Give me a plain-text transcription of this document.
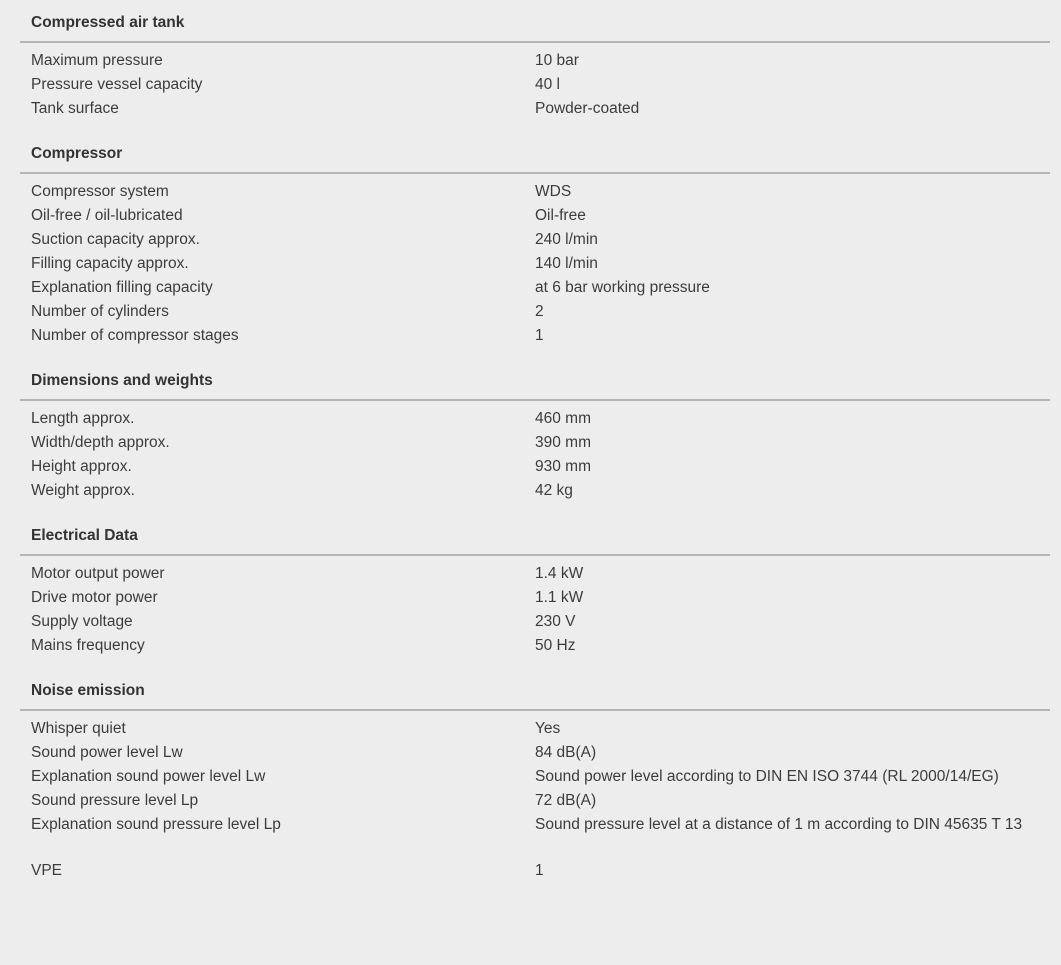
Compressed air tank
Maximum pressure	10 bar
Pressure vessel capacity	40 l
Tank surface	Powder-coated
Compressor
Compressor system	WDS
Oil-free / oil-lubricated	Oil-free
Suction capacity approx.	240 l/min
Filling capacity approx.	140 l/min
Explanation filling capacity	at 6 bar working pressure
Number of cylinders	2
Number of compressor stages	1
Dimensions and weights
Length approx.	460 mm
Width/depth approx.	390 mm
Height approx.	930 mm
Weight approx.	42 kg
Electrical Data
Motor output power	1.4 kW
Drive motor power	1.1 kW
Supply voltage	230 V
Mains frequency	50 Hz
Noise emission
Whisper quiet	Yes
Sound power level Lw	84 dB(A)
Explanation sound power level Lw	Sound power level according to DIN EN ISO 3744 (RL 2000/14/EG)
Sound pressure level Lp	72 dB(A)
Explanation sound pressure level Lp	Sound pressure level at a distance of 1 m according to DIN 45635 T 13
VPE	1
